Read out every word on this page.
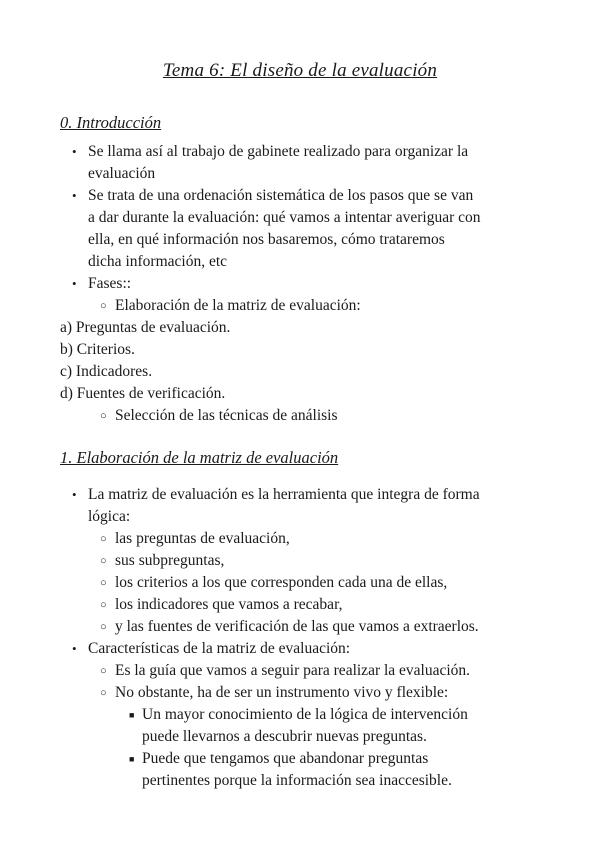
Tema 6: El diseño de la evaluación
0. Introducción
• Se llama así al trabajo de gabinete realizado para organizar la
evaluación
• Se trata de una ordenación sistemática de los pasos que se van
a dar durante la evaluación: qué vamos a intentar averiguar con
ella, en qué información nos basaremos, cómo trataremos
dicha información, etc
• Fases::
○ Elaboración de la matriz de evaluación:
a) Preguntas de evaluación.
b) Criterios.
c) Indicadores.
d) Fuentes de verificación.
○ Selección de las técnicas de análisis
1. Elaboración de la matriz de evaluación
• La matriz de evaluación es la herramienta que integra de forma
lógica:
○ las preguntas de evaluación,
○ sus subpreguntas,
○ los criterios a los que corresponden cada una de ellas,
○ los indicadores que vamos a recabar,
○ y las fuentes de verificación de las que vamos a extraerlos.
• Características de la matriz de evaluación:
○ Es la guía que vamos a seguir para realizar la evaluación.
○ No obstante, ha de ser un instrumento vivo y flexible:
■ Un mayor conocimiento de la lógica de intervención
puede llevarnos a descubrir nuevas preguntas.
■ Puede que tengamos que abandonar preguntas
pertinentes porque la información sea inaccesible.
